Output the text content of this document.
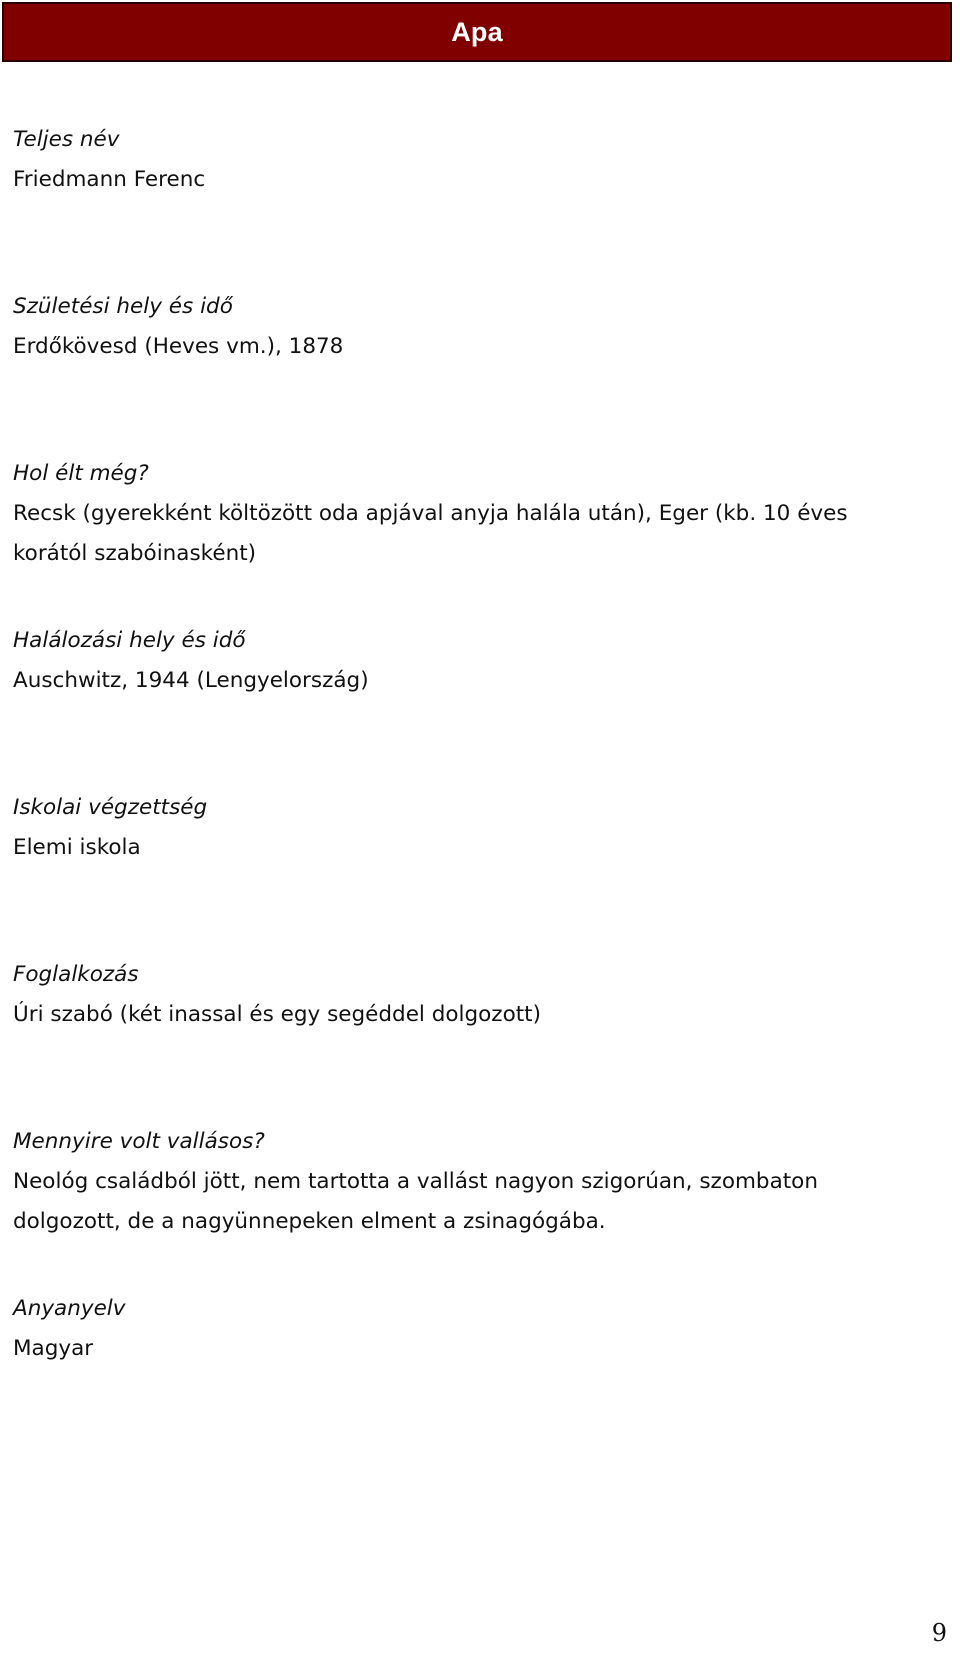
Apa
Teljes név
Friedmann Ferenc
Születési hely és idő
Erdőkövesd (Heves vm.), 1878
Hol élt még?
Recsk (gyerekként költözött oda apjával anyja halála után), Eger (kb. 10 éves
korától szabóinasként)
Halálozási hely és idő
Auschwitz, 1944 (Lengyelország)
Iskolai végzettség
Elemi iskola
Foglalkozás
Úri szabó (két inassal és egy segéddel dolgozott)
Mennyire volt vallásos?
Neológ családból jött, nem tartotta a vallást nagyon szigorúan, szombaton
dolgozott, de a nagyünnepeken elment a zsinagógába.
Anyanyelv
Magyar
9
